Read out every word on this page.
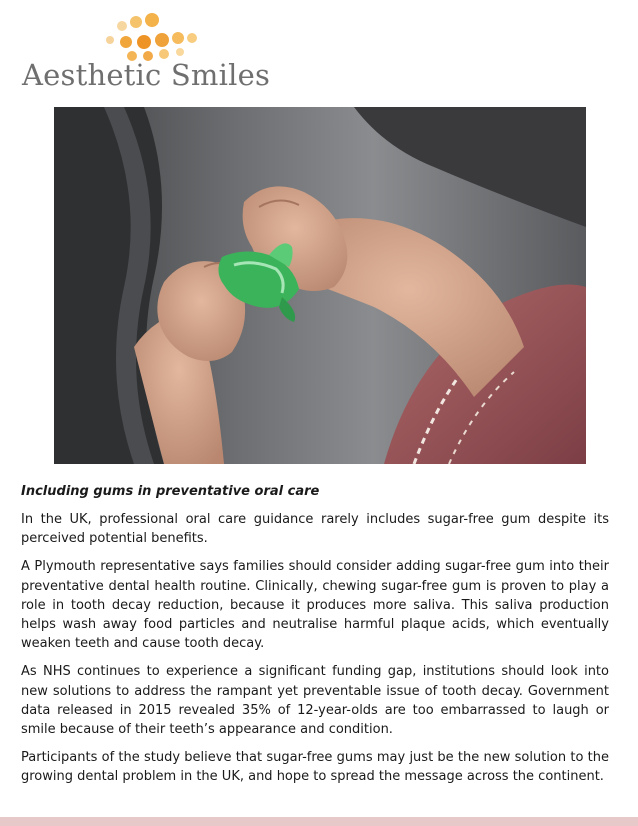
Aesthetic Smiles
Including gums in preventative oral care

In the UK, professional oral care guidance rarely includes sugar-free gum despite its perceived potential benefits.

A Plymouth representative says families should consider adding sugar-free gum into their preventative dental health routine. Clinically, chewing sugar-free gum is proven to play a role in tooth decay reduction, because it produces more saliva. This saliva production helps wash away food particles and neutralise harmful plaque acids, which eventually weaken teeth and cause tooth decay.

As NHS continues to experience a significant funding gap, institutions should look into new solutions to address the rampant yet preventable issue of tooth decay. Government data released in 2015 revealed 35% of 12-year-olds are too embarrassed to laugh or smile because of their teeth’s appearance and condition.

Participants of the study believe that sugar-free gums may just be the new solution to the growing dental problem in the UK, and hope to spread the message across the continent.
